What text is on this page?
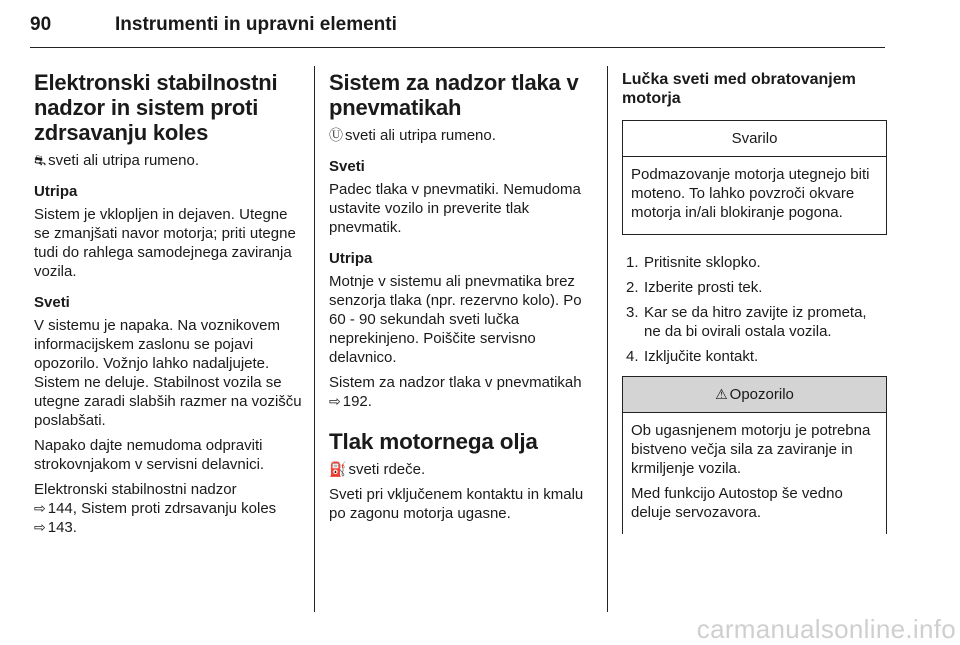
90	Instrumenti in upravni elementi
Elektronski stabilnostni nadzor in sistem proti zdrsavanju koles

⛐ sveti ali utripa rumeno.

Utripa

Sistem je vklopljen in dejaven. Utegne se zmanjšati navor motorja; priti utegne tudi do rahlega samodejnega zaviranja vozila.

Sveti

V sistemu je napaka. Na voznikovem informacijskem zaslonu se pojavi opozorilo. Vožnjo lahko nadaljujete. Sistem ne deluje. Stabilnost vozila se utegne zaradi slabših razmer na vozišču poslabšati.

Napako dajte nemudoma odpraviti strokovnjakom v servisni delavnici.

Elektronski stabilnostni nadzor
⇨ 144, Sistem proti zdrsavanju koles
⇨ 143.

Sistem za nadzor tlaka v pnevmatikah

Ⓤ sveti ali utripa rumeno.

Sveti

Padec tlaka v pnevmatiki. Nemudoma ustavite vozilo in preverite tlak pnevmatik.

Utripa

Motnje v sistemu ali pnevmatika brez senzorja tlaka (npr. rezervno kolo). Po 60 - 90 sekundah sveti lučka neprekinjeno. Poiščite servisno delavnico.

Sistem za nadzor tlaka v pnevmatikah ⇨ 192.

Tlak motornega olja

⛽ sveti rdeče.

Sveti pri vključenem kontaktu in kmalu po zagonu motorja ugasne.

Lučka sveti med obratovanjem motorja
Svarilo

Podmazovanje motorja utegnejo biti moteno. To lahko povzroči okvare motorja in/ali blokiranje pogona.

1. Pritisnite sklopko.
2. Izberite prosti tek.
3. Kar se da hitro zavijte iz prometa, ne da bi ovirali ostala vozila.
4. Izključite kontakt.
⚠ Opozorilo

Ob ugasnjenem motorju je potrebna bistveno večja sila za zaviranje in krmiljenje vozila.

Med funkcijo Autostop še vedno deluje servozavora.

carmanualsonline.info
